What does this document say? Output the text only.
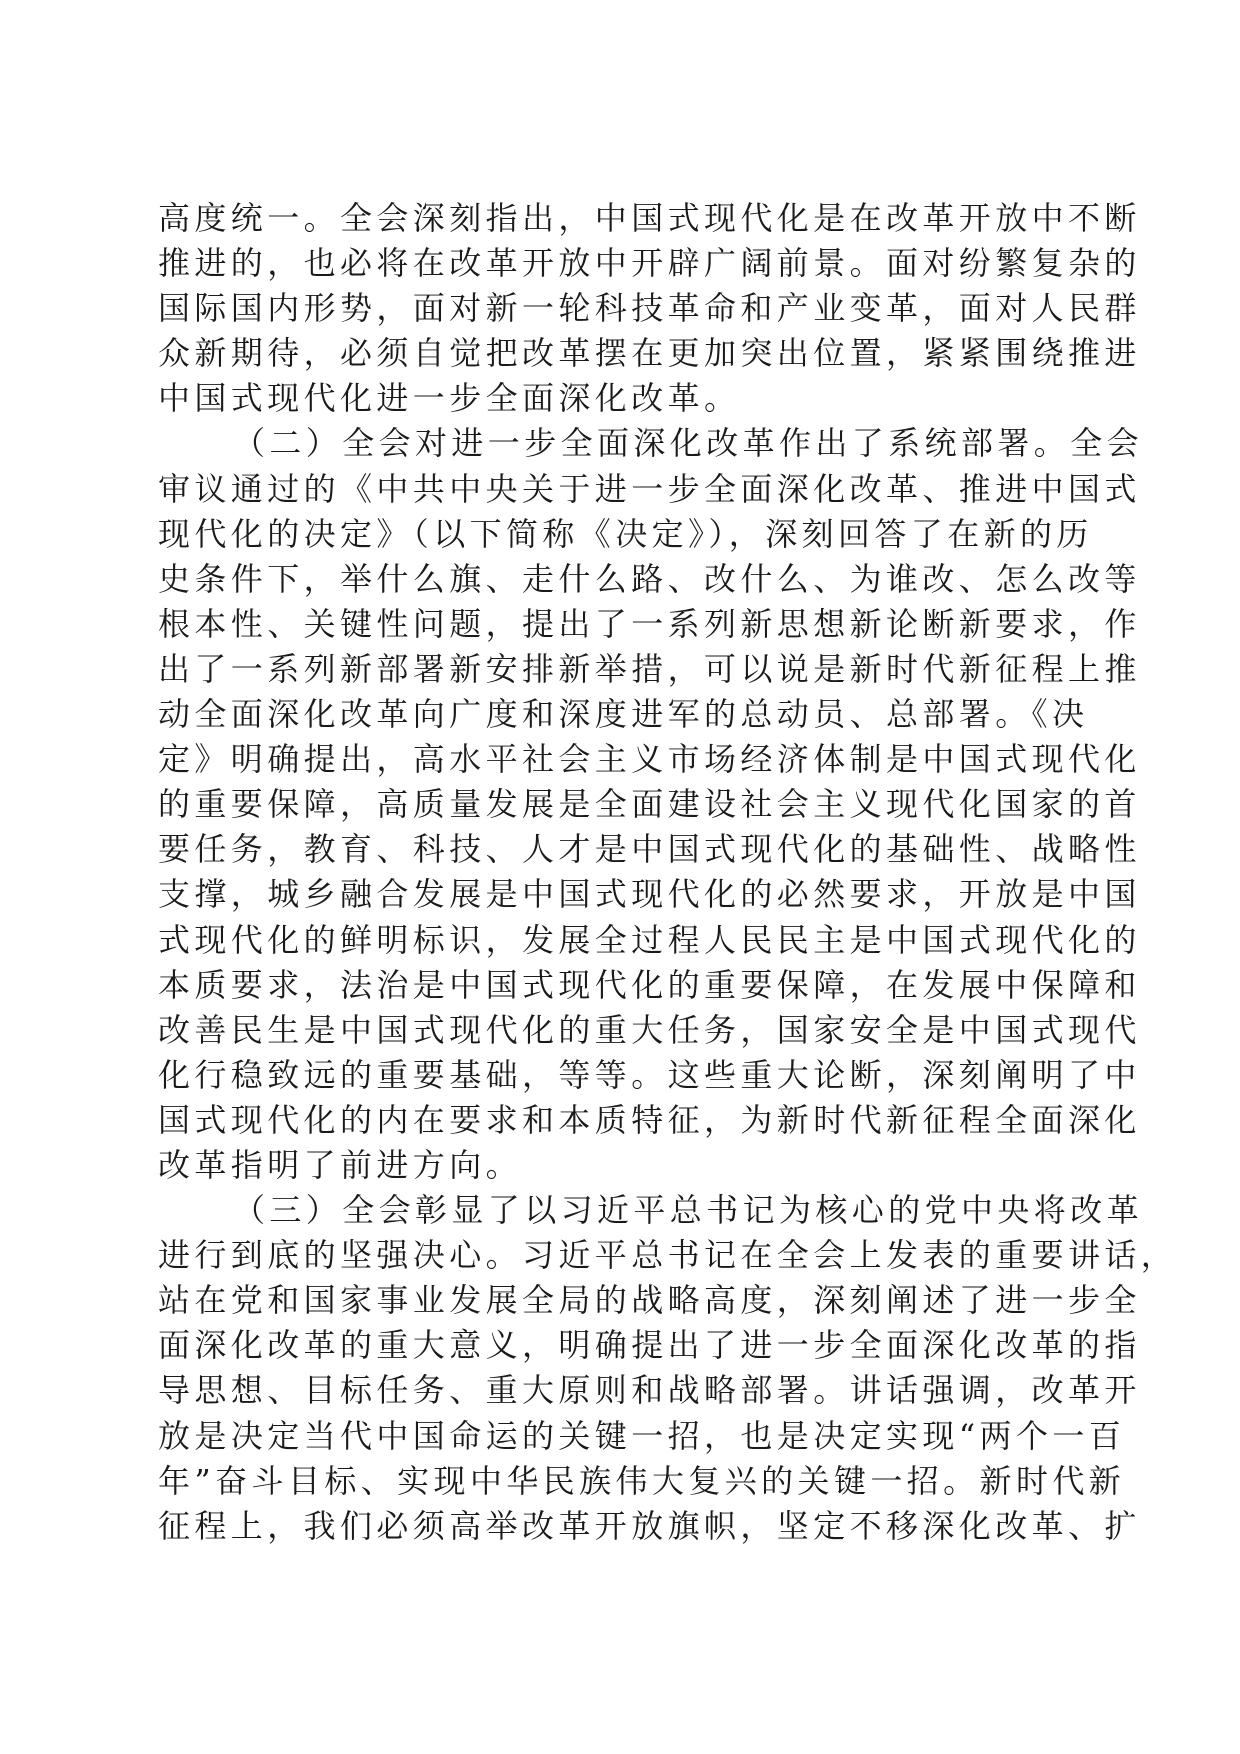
高度统一。全会深刻指出，中国式现代化是在改革开放中不断
推进的，也必将在改革开放中开辟广阔前景。面对纷繁复杂的
国际国内形势，面对新一轮科技革命和产业变革，面对人民群
众新期待，必须自觉把改革摆在更加突出位置，紧紧围绕推进
中国式现代化进一步全面深化改革。
（二）全会对进一步全面深化改革作出了系统部署。全会
审议通过的《中共中央关于进一步全面深化改革、推进中国式
现代化的决定》（以下简称《决定》），深刻回答了在新的历
史条件下，举什么旗、走什么路、改什么、为谁改、怎么改等
根本性、关键性问题，提出了一系列新思想新论断新要求，作
出了一系列新部署新安排新举措，可以说是新时代新征程上推
动全面深化改革向广度和深度进军的总动员、总部署。《决
定》明确提出，高水平社会主义市场经济体制是中国式现代化
的重要保障，高质量发展是全面建设社会主义现代化国家的首
要任务，教育、科技、人才是中国式现代化的基础性、战略性
支撑，城乡融合发展是中国式现代化的必然要求，开放是中国
式现代化的鲜明标识，发展全过程人民民主是中国式现代化的
本质要求，法治是中国式现代化的重要保障，在发展中保障和
改善民生是中国式现代化的重大任务，国家安全是中国式现代
化行稳致远的重要基础，等等。这些重大论断，深刻阐明了中
国式现代化的内在要求和本质特征，为新时代新征程全面深化
改革指明了前进方向。
（三）全会彰显了以习近平总书记为核心的党中央将改革
进行到底的坚强决心。习近平总书记在全会上发表的重要讲话，
站在党和国家事业发展全局的战略高度，深刻阐述了进一步全
面深化改革的重大意义，明确提出了进一步全面深化改革的指
导思想、目标任务、重大原则和战略部署。讲话强调，改革开
放是决定当代中国命运的关键一招，也是决定实现“两个一百
年”奋斗目标、实现中华民族伟大复兴的关键一招。新时代新
征程上，我们必须高举改革开放旗帜，坚定不移深化改革、扩
